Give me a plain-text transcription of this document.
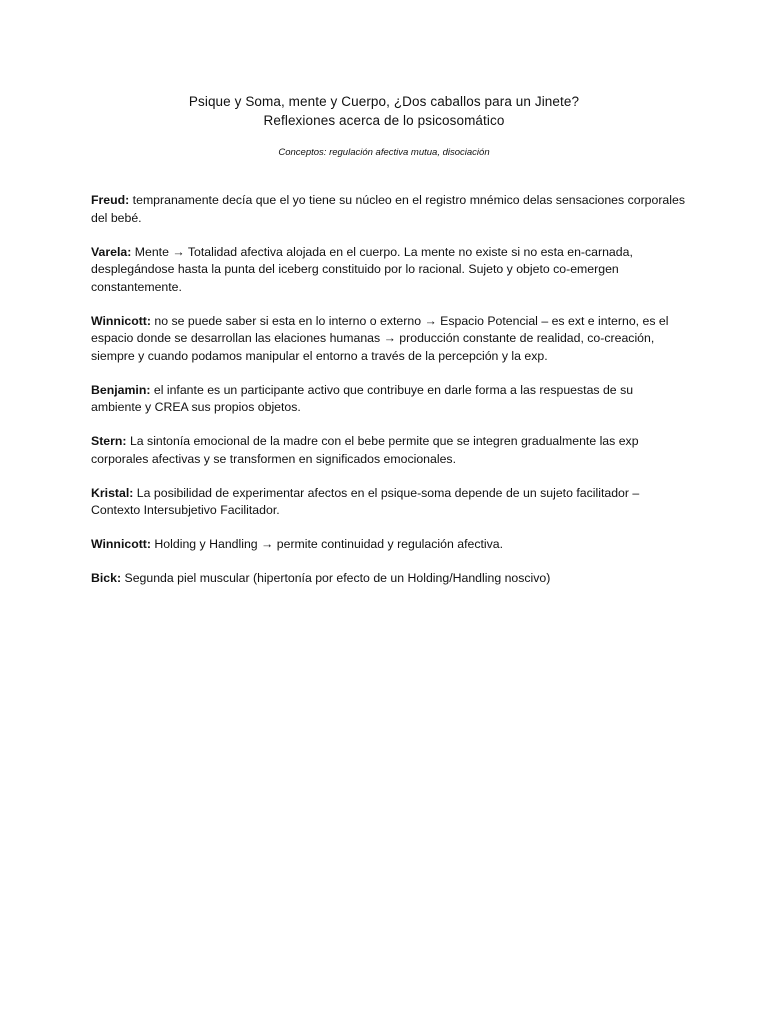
Psique y Soma, mente y Cuerpo, ¿Dos caballos para un Jinete?
Reflexiones acerca de lo psicosomático
Conceptos: regulación afectiva mutua, disociación

Freud: tempranamente decía que el yo tiene su núcleo en el registro mnémico delas sensaciones corporales del bebé.

Varela: Mente → Totalidad afectiva alojada en el cuerpo. La mente no existe si no esta en-carnada, desplegándose hasta la punta del iceberg constituido por lo racional. Sujeto y objeto co-emergen constantemente.

Winnicott: no se puede saber si esta en lo interno o externo → Espacio Potencial – es ext e interno, es el espacio donde se desarrollan las elaciones humanas → producción constante de realidad, co-creación, siempre y cuando podamos manipular el entorno a través de la percepción y la exp.

Benjamin: el infante es un participante activo que contribuye en darle forma a las respuestas de su ambiente y CREA sus propios objetos.

Stern: La sintonía emocional de la madre con el bebe permite que se integren gradualmente las exp corporales afectivas y se transformen en significados emocionales.

Kristal: La posibilidad de experimentar afectos en el psique-soma depende de un sujeto facilitador – Contexto Intersubjetivo Facilitador.

Winnicott: Holding y Handling → permite continuidad y regulación afectiva.

Bick: Segunda piel muscular (hipertonía por efecto de un Holding/Handling noscivo)
